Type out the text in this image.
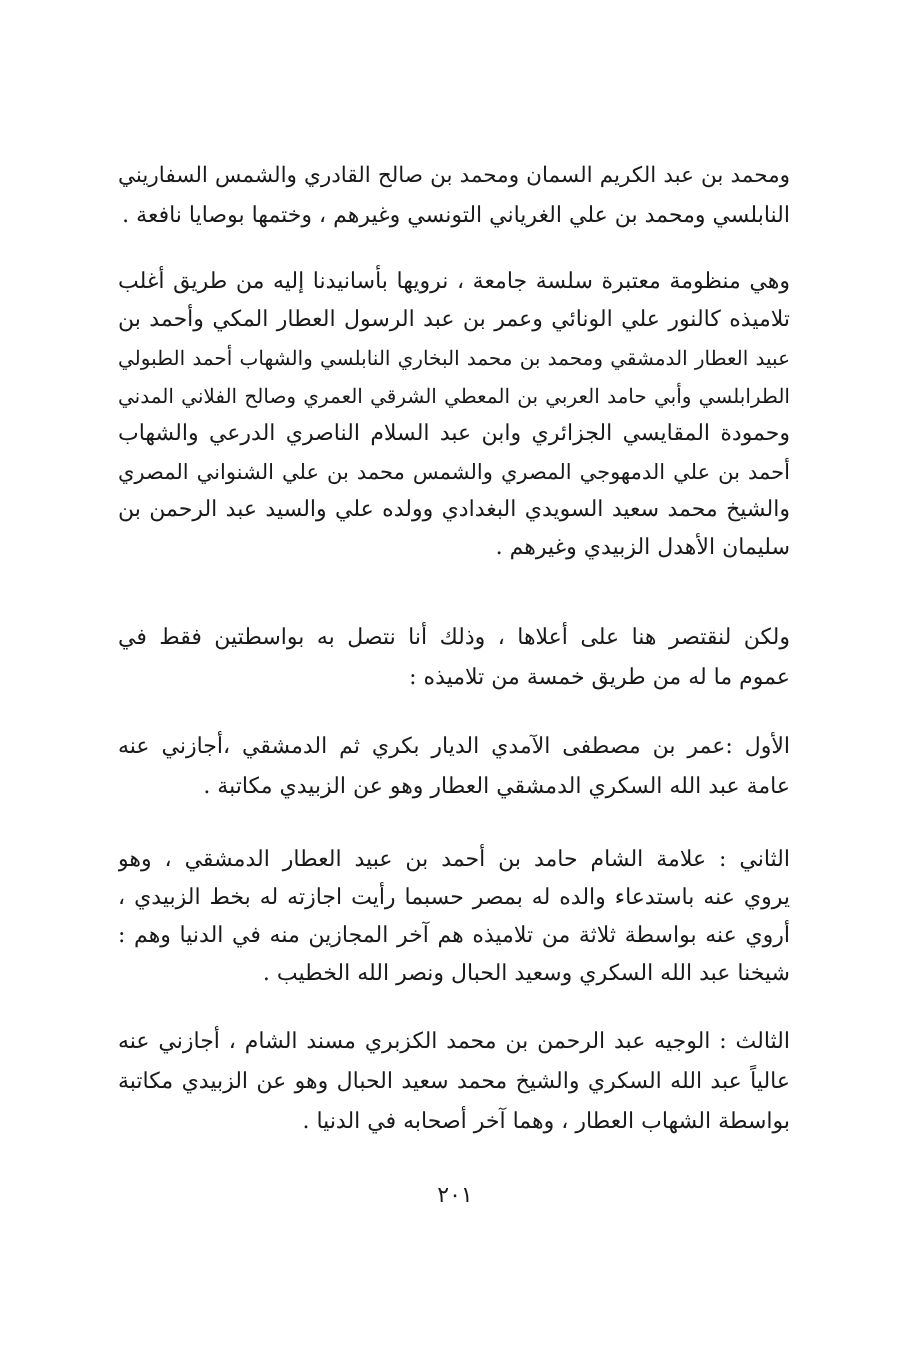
ومحمد بن عبد الكريم السمان ومحمد بن صالح القادري والشمس السفاريني
النابلسي ومحمد بن علي الغرياني التونسي وغيرهم ، وختمها بوصايا نافعة .
وهي منظومة معتبرة سلسة جامعة ، نرويها بأسانيدنا إليه من طريق أغلب
تلاميذه كالنور علي الونائي وعمر بن عبد الرسول العطار المكي وأحمد بن
عبيد العطار الدمشقي ومحمد بن محمد البخاري النابلسي والشهاب أحمد الطبولي
الطرابلسي وأبي حامد العربي بن المعطي الشرقي العمري وصالح الفلاني المدني
وحمودة المقايسي الجزائري وابن عبد السلام الناصري الدرعي والشهاب
أحمد بن علي الدمهوجي المصري والشمس محمد بن علي الشنواني المصري
والشيخ محمد سعيد السويدي البغدادي وولده علي والسيد عبد الرحمن بن
سليمان الأهدل الزبيدي وغيرهم .
ولكن لنقتصر هنا على أعلاها ، وذلك أنا نتصل به بواسطتين فقط في
عموم ما له من طريق خمسة من تلاميذه :
الأول :عمر بن مصطفى الآمدي الديار بكري ثم الدمشقي ،أجازني عنه
عامة عبد الله السكري الدمشقي العطار وهو عن الزبيدي مكاتبة .
الثاني : علامة الشام حامد بن أحمد بن عبيد العطار الدمشقي ، وهو
يروي عنه باستدعاء والده له بمصر حسبما رأيت اجازته له بخط الزبيدي ،
أروي عنه بواسطة ثلاثة من تلاميذه هم آخر المجازين منه في الدنيا وهم :
شيخنا عبد الله السكري وسعيد الحبال ونصر الله الخطيب .
الثالث : الوجيه عبد الرحمن بن محمد الكزبري مسند الشام ، أجازني عنه
عالياً عبد الله السكري والشيخ محمد سعيد الحبال وهو عن الزبيدي مكاتبة
بواسطة الشهاب العطار ، وهما آخر أصحابه في الدنيا .
٢٠١
